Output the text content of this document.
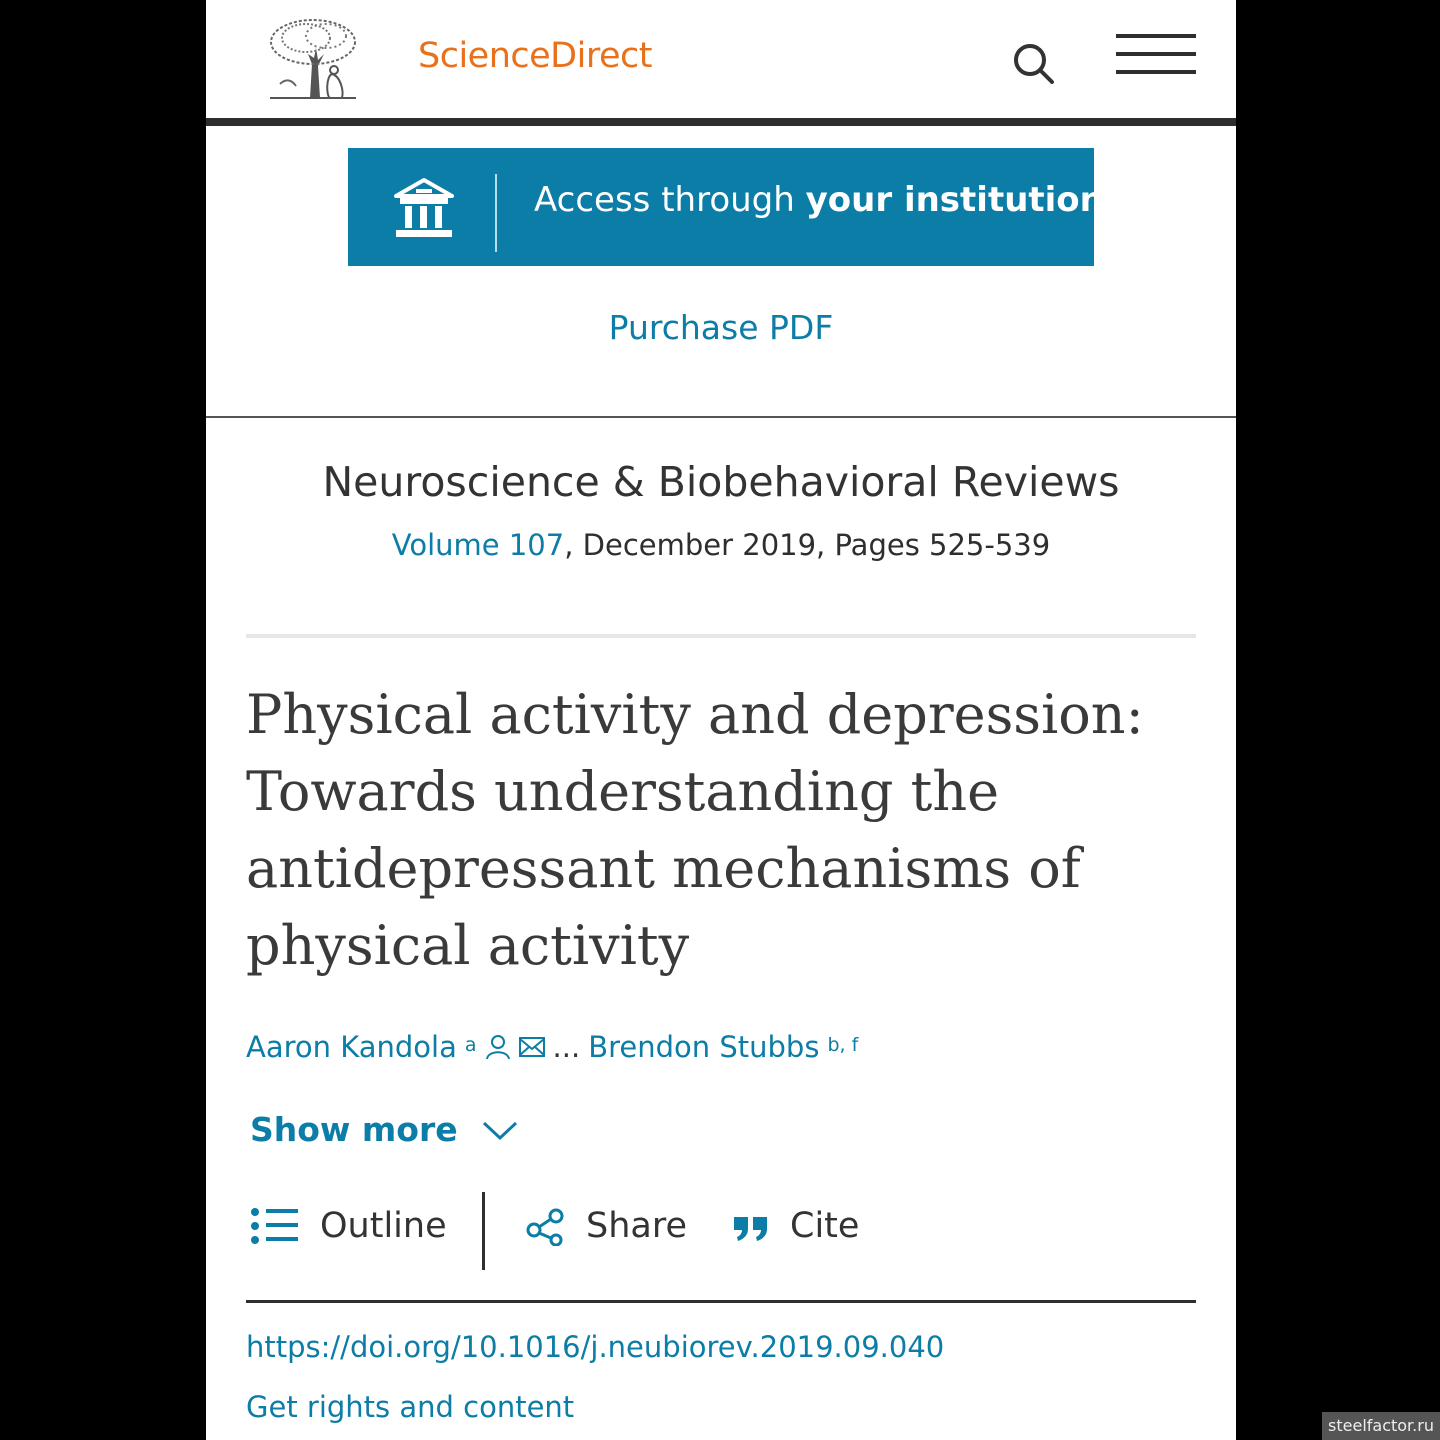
ScienceDirect
Access through your institution
Purchase PDF
Neuroscience & Biobehavioral Reviews
Volume 107, December 2019, Pages 525-539
Physical activity and depression: Towards understanding the antidepressant mechanisms of physical activity
Aaron Kandola $^a$	... Brendon Stubbs $^{b, f}$
Show more
Outline	Share	Cite
https://doi.org/10.1016/j.neubiorev.2019.09.040
Get rights and content
steelfactor.ru
